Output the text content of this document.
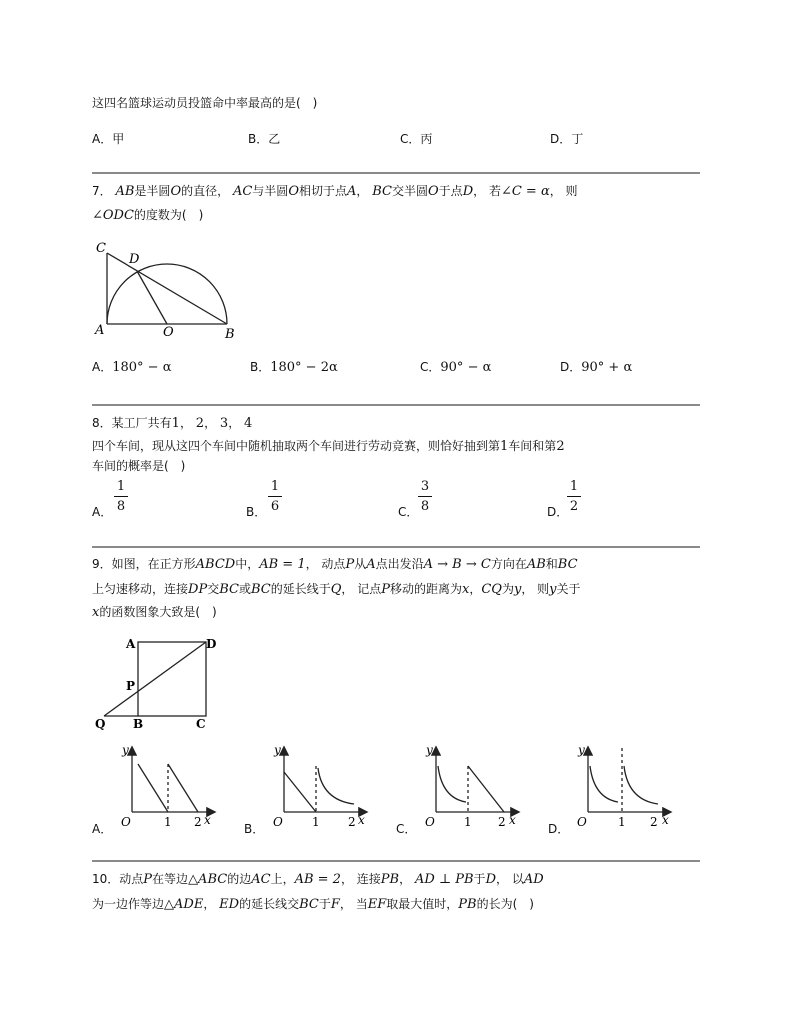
这四名篮球运动员投篮命中率最高的是(　)
A．甲	B．乙	C．丙	D．丁
7． AB是半圆O的直径， AC与半圆O相切于点A， BC交半圆O于点D， 若∠C = α， 则
∠ODC的度数为(　)
C
D
A	O	B
A．180° − α	B．180° − 2α	C．90° − α	D．90° + α
8．某工厂共有1， 2， 3， 4
四个车间，现从这四个车间中随机抽取两个车间进行劳动竞赛，则恰好抽到第1车间和第2
车间的概率是(　)
A．
1
8	B．
1
6	C．
3
8	D．
1
2
9．如图，在正方形ABCD中，AB = 1， 动点P从A点出发沿A → B → C方向在AB和BC
上匀速移动，连接DP交BC或BC的延长线于Q， 记点P移动的距离为x，CQ为y， 则y关于
x的函数图象大致是(　)
A	D
P
Q B	C
A．	B．	C．	D．
y
O	1 2 x
y
O 1 2 x
y
O 1 2 x
y
O	1 2 x
10．动点P在等边△ABC的边AC上，AB = 2， 连接PB， AD ⊥ PB于D， 以AD
为一边作等边△ADE， ED的延长线交BC于F， 当EF取最大值时，PB的长为(　)
